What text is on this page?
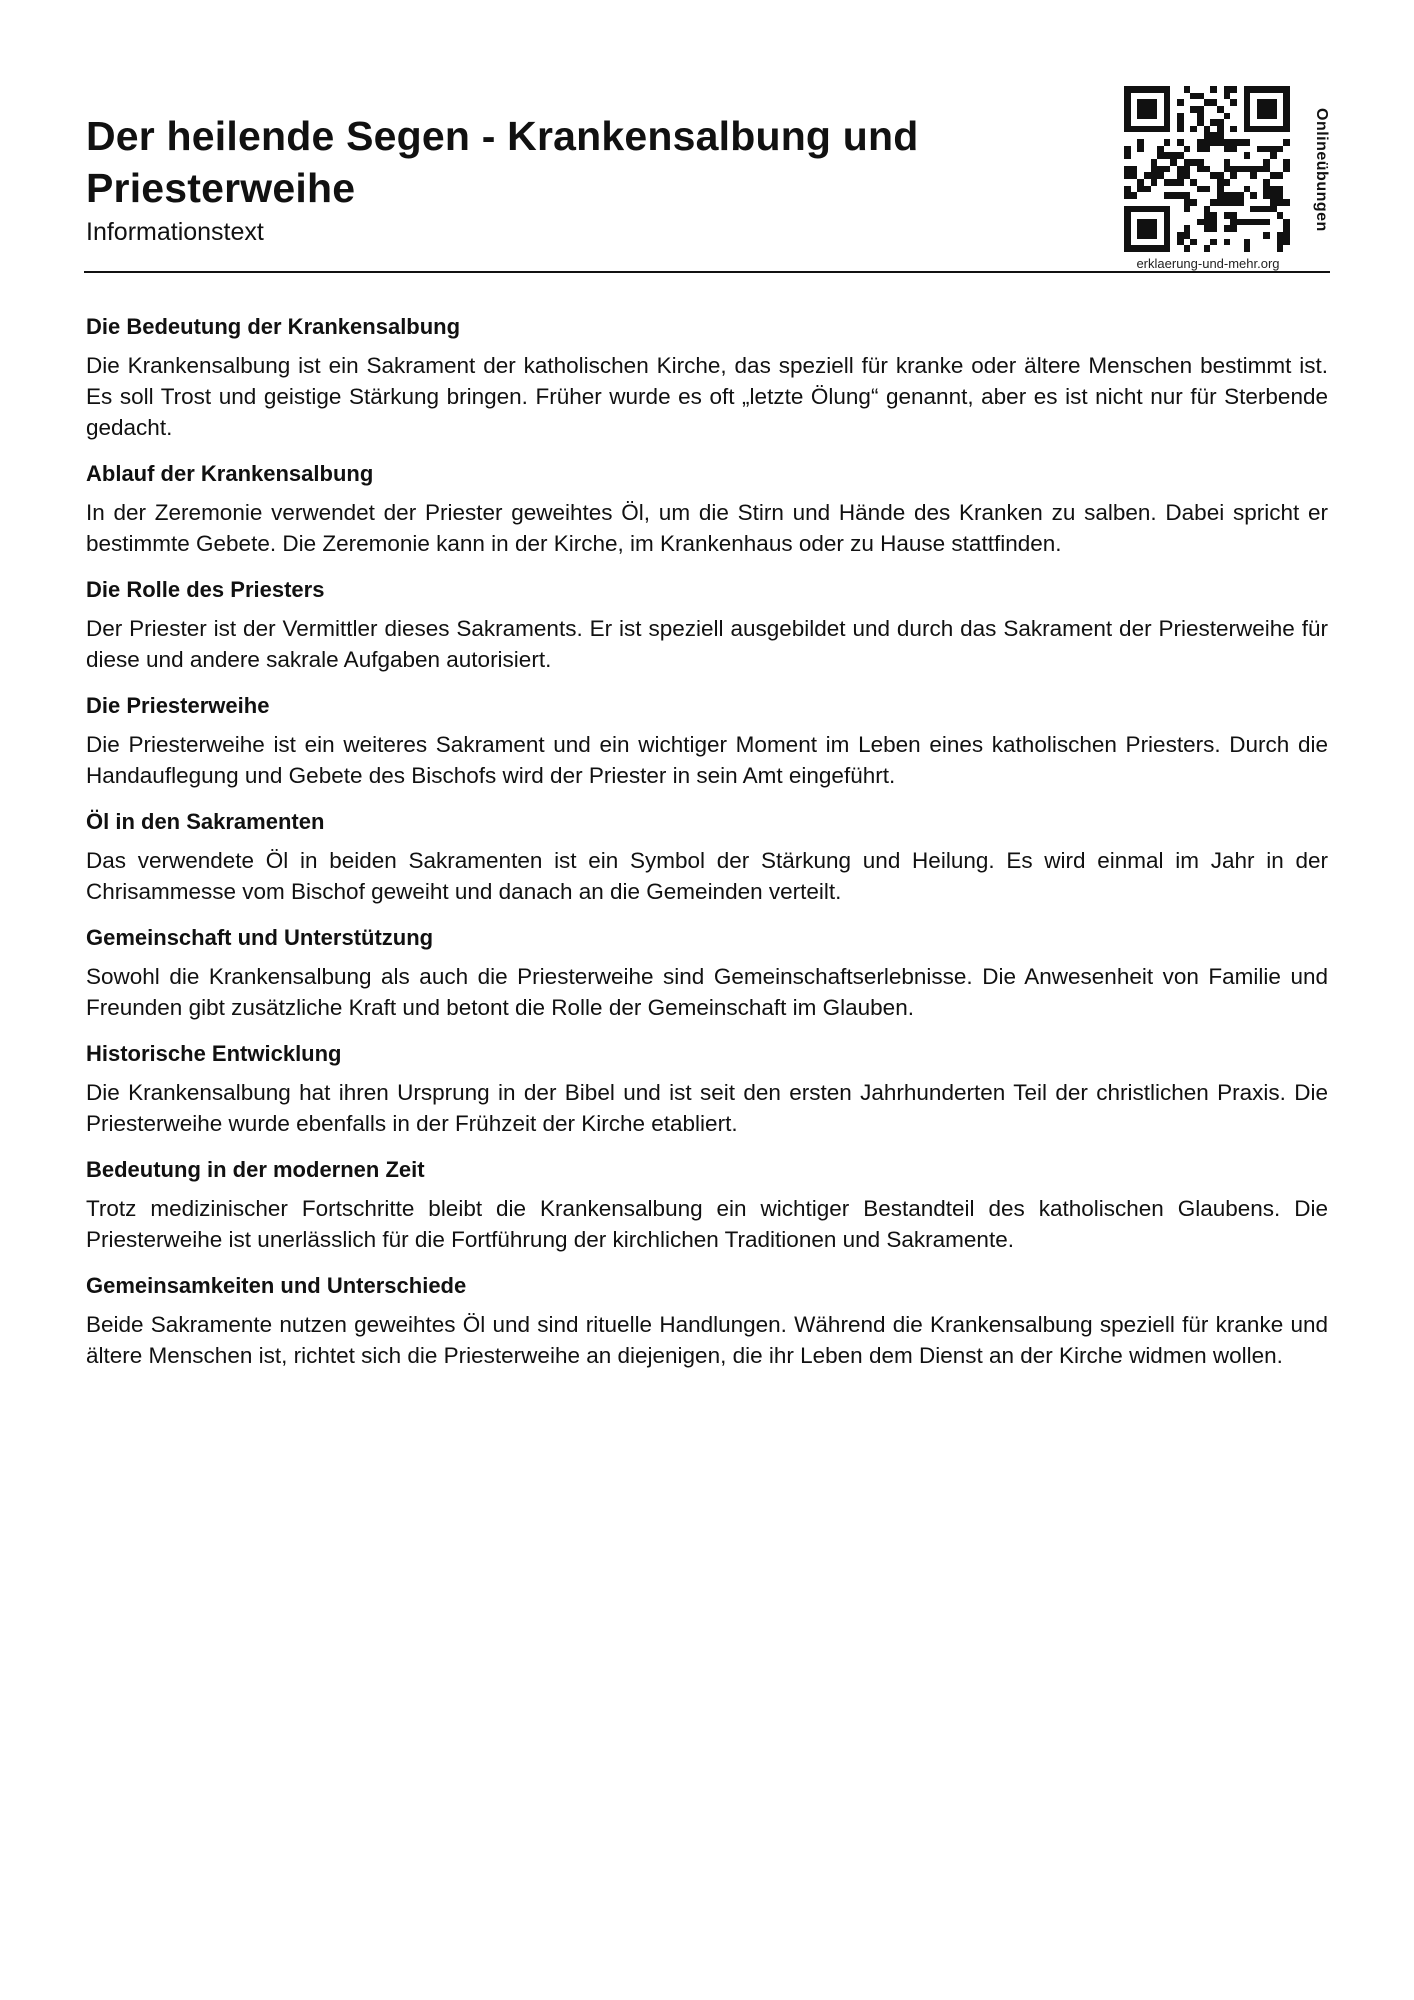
Der heilende Segen - Krankensalbung und Priesterweihe
Informationstext
erklaerung-und-mehr.org
Onlineübungen
Die Bedeutung der Krankensalbung

Die Krankensalbung ist ein Sakrament der katholischen Kirche, das speziell für kranke oder ältere Menschen bestimmt ist. Es soll Trost und geistige Stärkung bringen. Früher wurde es oft „letzte Ölung“ genannt, aber es ist nicht nur für Sterbende gedacht.

Ablauf der Krankensalbung

In der Zeremonie verwendet der Priester geweihtes Öl, um die Stirn und Hände des Kranken zu salben. Dabei spricht er bestimmte Gebete. Die Zeremonie kann in der Kirche, im Krankenhaus oder zu Hause stattfinden.

Die Rolle des Priesters

Der Priester ist der Vermittler dieses Sakraments. Er ist speziell ausgebildet und durch das Sakrament der Priesterweihe für diese und andere sakrale Aufgaben autorisiert.

Die Priesterweihe

Die Priesterweihe ist ein weiteres Sakrament und ein wichtiger Moment im Leben eines katholischen Priesters. Durch die Handauflegung und Gebete des Bischofs wird der Priester in sein Amt eingeführt.

Öl in den Sakramenten

Das verwendete Öl in beiden Sakramenten ist ein Symbol der Stärkung und Heilung. Es wird einmal im Jahr in der Chrisammesse vom Bischof geweiht und danach an die Gemeinden verteilt.

Gemeinschaft und Unterstützung

Sowohl die Krankensalbung als auch die Priesterweihe sind Gemeinschaftserlebnisse. Die Anwesenheit von Familie und Freunden gibt zusätzliche Kraft und betont die Rolle der Gemeinschaft im Glauben.

Historische Entwicklung

Die Krankensalbung hat ihren Ursprung in der Bibel und ist seit den ersten Jahrhunderten Teil der christlichen Praxis. Die Priesterweihe wurde ebenfalls in der Frühzeit der Kirche etabliert.

Bedeutung in der modernen Zeit

Trotz medizinischer Fortschritte bleibt die Krankensalbung ein wichtiger Bestandteil des katholischen Glaubens. Die Priesterweihe ist unerlässlich für die Fortführung der kirchlichen Traditionen und Sakramente.

Gemeinsamkeiten und Unterschiede

Beide Sakramente nutzen geweihtes Öl und sind rituelle Handlungen. Während die Krankensalbung speziell für kranke und ältere Menschen ist, richtet sich die Priesterweihe an diejenigen, die ihr Leben dem Dienst an der Kirche widmen wollen.
